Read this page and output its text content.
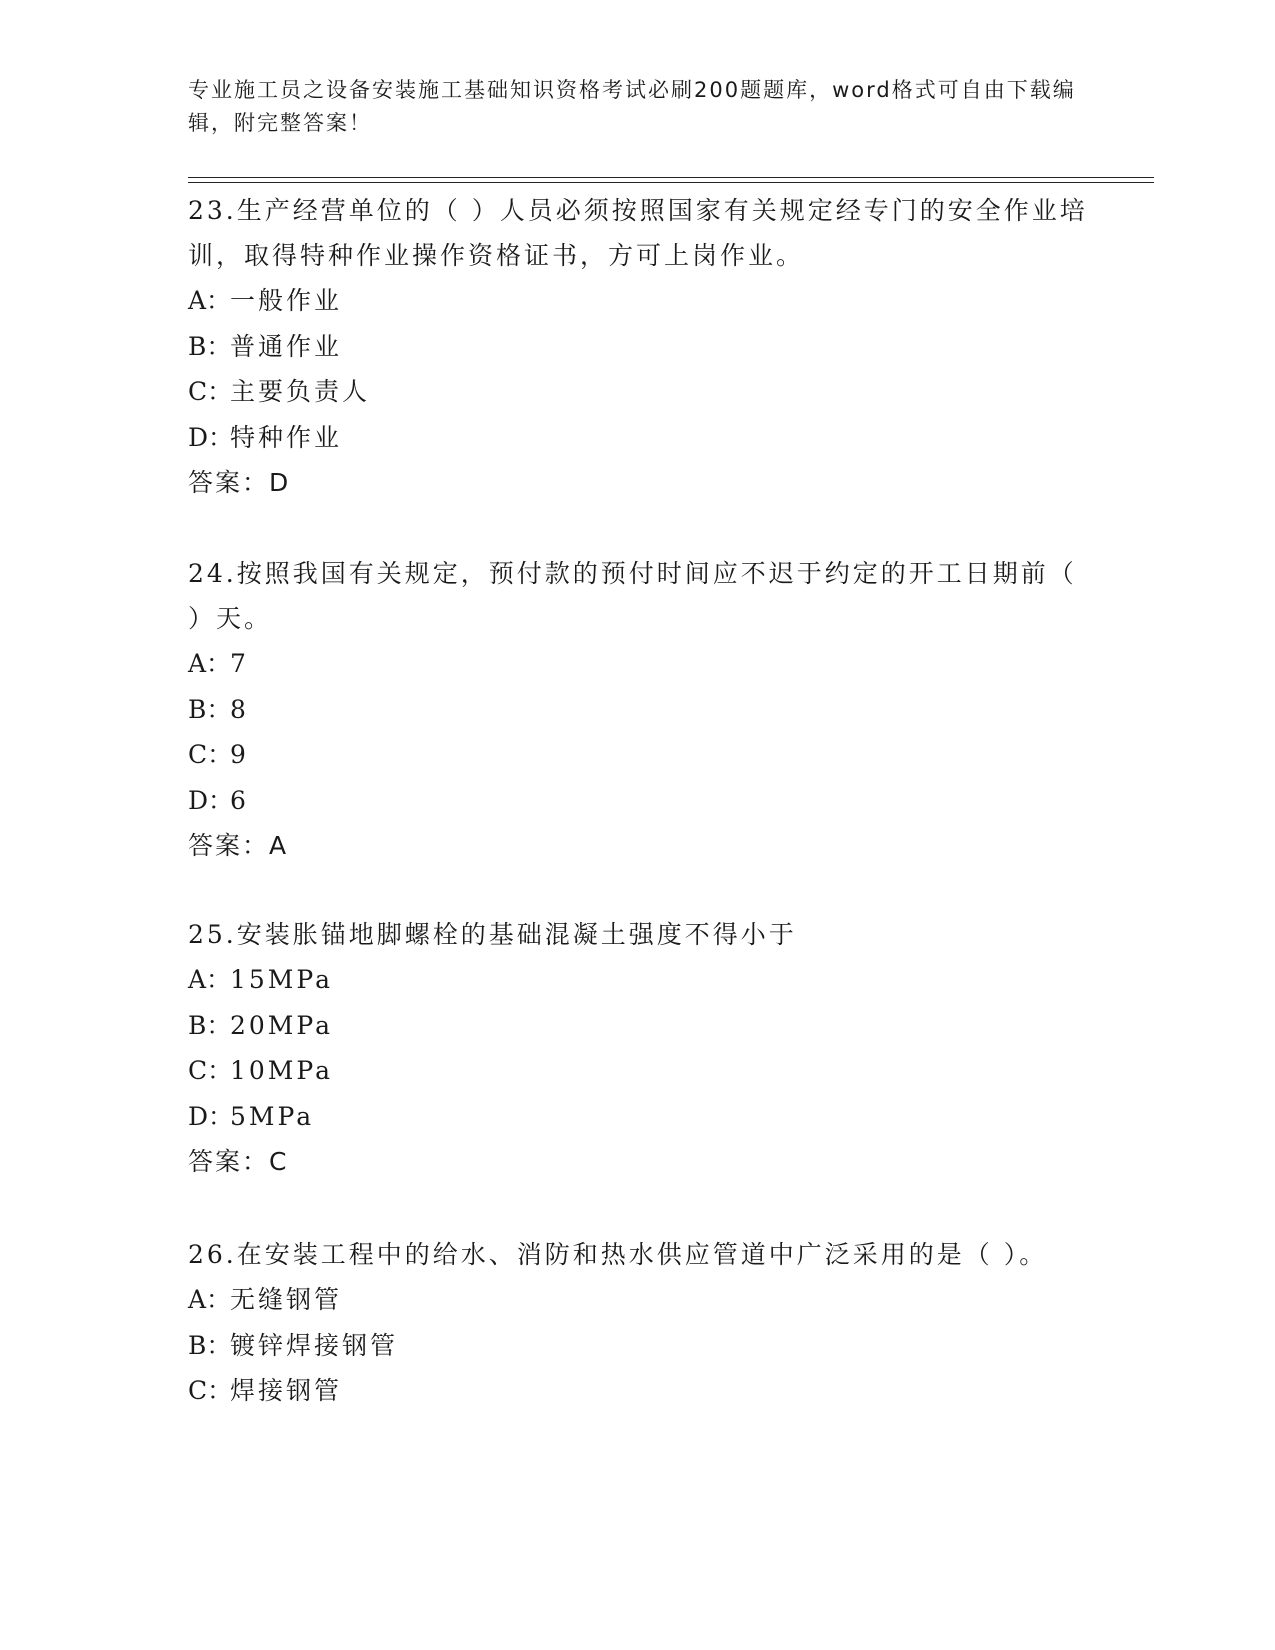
专业施工员之设备安装施工基础知识资格考试必刷200题题库，word格式可自由下载编辑，附完整答案！

23.生产经营单位的（ ）人员必须按照国家有关规定经专门的安全作业培训，取得特种作业操作资格证书，方可上岗作业。

A：一般作业
B：普通作业
C：主要负责人
D：特种作业

答案：D

24.按照我国有关规定，预付款的预付时间应不迟于约定的开工日期前（ ）天。

A：7
B：8
C：9
D：6

答案：A

25.安装胀锚地脚螺栓的基础混凝土强度不得小于

A：15MPa
B：20MPa
C：10MPa
D：5MPa

答案：C

26.在安装工程中的给水、消防和热水供应管道中广泛采用的是（ ）。

A：无缝钢管
B：镀锌焊接钢管
C：焊接钢管
